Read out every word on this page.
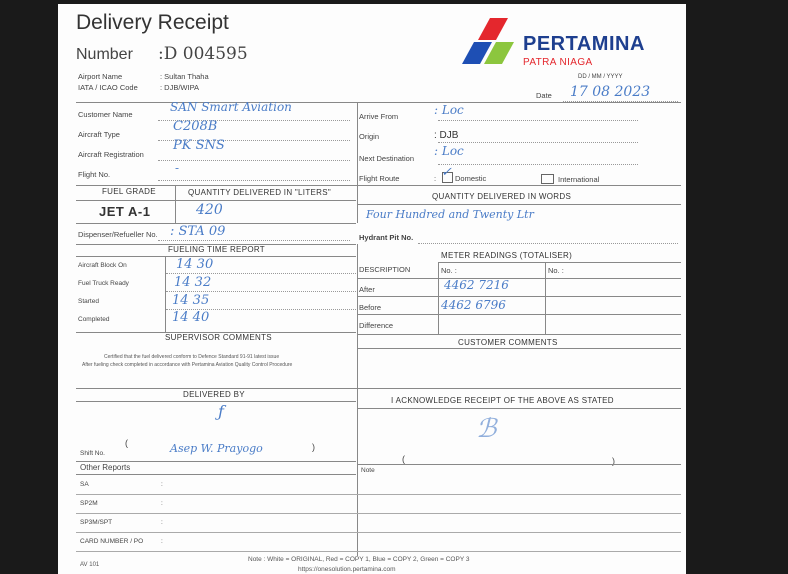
Delivery Receipt
Number :D 004595	PERTAMINA
PATRA NIAGA
Airport Name	: Sultan Thaha
IATA / ICAO Code	: DJB/WIPA
DD / MM / YYYY
Date 17 08 2023
Customer Name
SAN Smart Aviation
Aircraft Type
C208B
Aircraft Registration
PK SNS
Flight No.	-
Arrive From	: Loc
Origin	: DJB
Next Destination
: Loc
Flight Route	: ✓ Domestic	International
FUEL GRADE	QUANTITY DELIVERED IN "LITERS"	QUANTITY DELIVERED IN WORDS
JET A-1	420	Four Hundred and Twenty Ltr
Dispenser/Refueller No. : STA 09	Hydrant Pit No.
FUELING TIME REPORT
Aircraft Block On	14 30
Fuel Truck Ready	14 32
Started	14 35
Completed	14 40
METER READINGS (TOTALISER)
DESCRIPTION	No. :	No. :
After	4462 7216
Before	4462 6796
Difference
SUPERVISOR COMMENTS
CUSTOMER COMMENTS
Certified that the fuel delivered conform to Defence Standard 91-91 latest issue
After fueling check completed in accordance with Pertamina Aviation Quality Control Procedure
DELIVERED BY
I ACKNOWLEDGE RECEIPT OF THE ABOVE AS STATED
ƒ
(	Asep W. Prayogo	)
Shift No.
ℬ
(	)
Other Reports	Note
SA	:
SP2M	:
SP3M/SPT	:
CARD NUMBER / PO	:
AV 101
Note : White = ORIGINAL, Red = COPY 1, Blue = COPY 2, Green = COPY 3
https://onesolution.pertamina.com
